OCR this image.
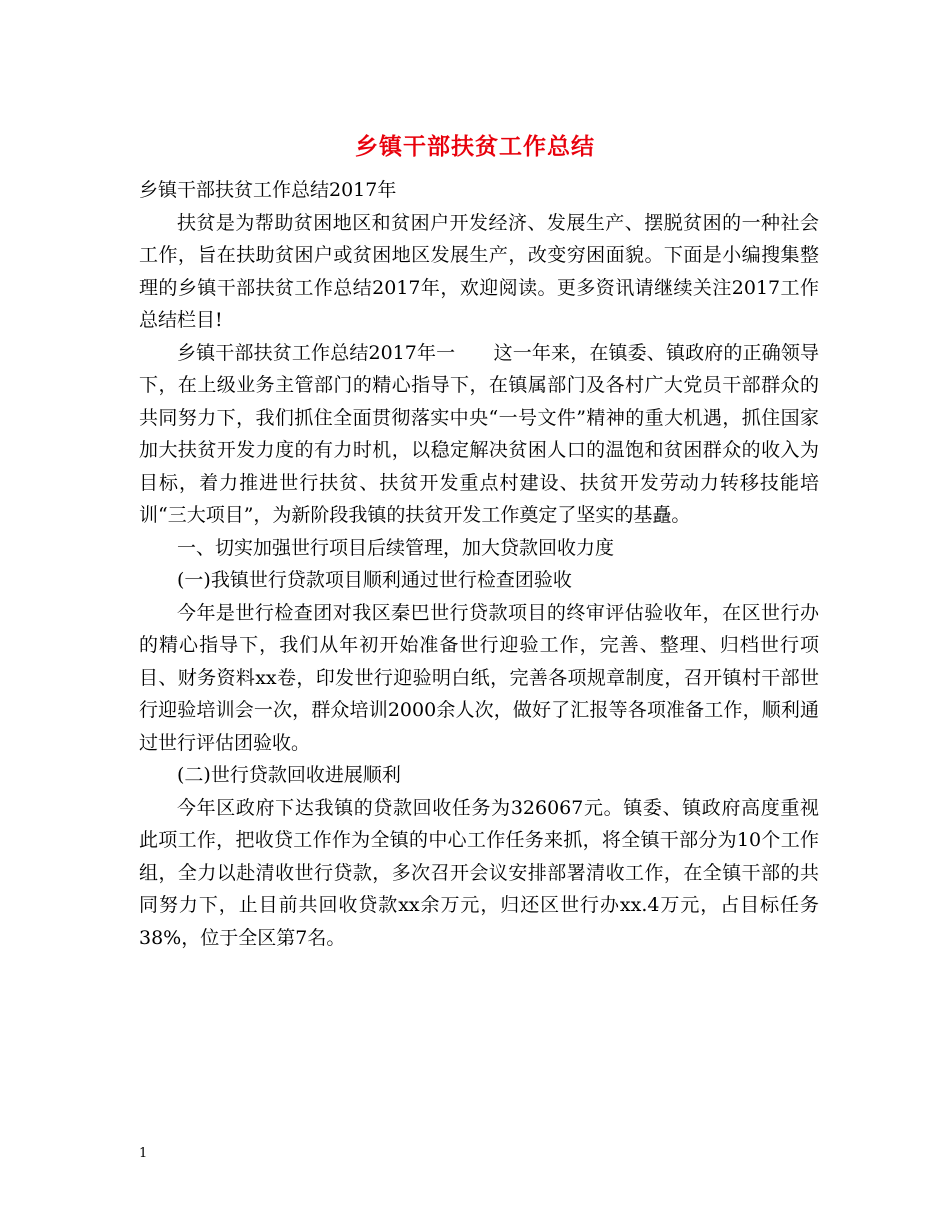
乡镇干部扶贫工作总结

乡镇干部扶贫工作总结2017年

扶贫是为帮助贫困地区和贫困户开发经济、发展生产、摆脱贫困的一种社会工作，旨在扶助贫困户或贫困地区发展生产，改变穷困面貌。下面是小编搜集整理的乡镇干部扶贫工作总结2017年，欢迎阅读。更多资讯请继续关注2017工作总结栏目!

乡镇干部扶贫工作总结2017年一　　这一年来，在镇委、镇政府的正确领导下，在上级业务主管部门的精心指导下，在镇属部门及各村广大党员干部群众的共同努力下，我们抓住全面贯彻落实中央“一号文件”精神的重大机遇，抓住国家加大扶贫开发力度的有力时机，以稳定解决贫困人口的温饱和贫困群众的收入为目标，着力推进世行扶贫、扶贫开发重点村建设、扶贫开发劳动力转移技能培训“三大项目”，为新阶段我镇的扶贫开发工作奠定了坚实的基矗。

一、切实加强世行项目后续管理，加大贷款回收力度

(一)我镇世行贷款项目顺利通过世行检查团验收

今年是世行检查团对我区秦巴世行贷款项目的终审评估验收年，在区世行办的精心指导下，我们从年初开始准备世行迎验工作，完善、整理、归档世行项目、财务资料xx卷，印发世行迎验明白纸，完善各项规章制度，召开镇村干部世行迎验培训会一次，群众培训2000余人次，做好了汇报等各项准备工作，顺利通过世行评估团验收。

(二)世行贷款回收进展顺利

今年区政府下达我镇的贷款回收任务为326067元。镇委、镇政府高度重视此项工作，把收贷工作作为全镇的中心工作任务来抓，将全镇干部分为10个工作组，全力以赴清收世行贷款，多次召开会议安排部署清收工作，在全镇干部的共同努力下，止目前共回收贷款xx余万元，归还区世行办xx.4万元，占目标任务38%，位于全区第7名。

1
